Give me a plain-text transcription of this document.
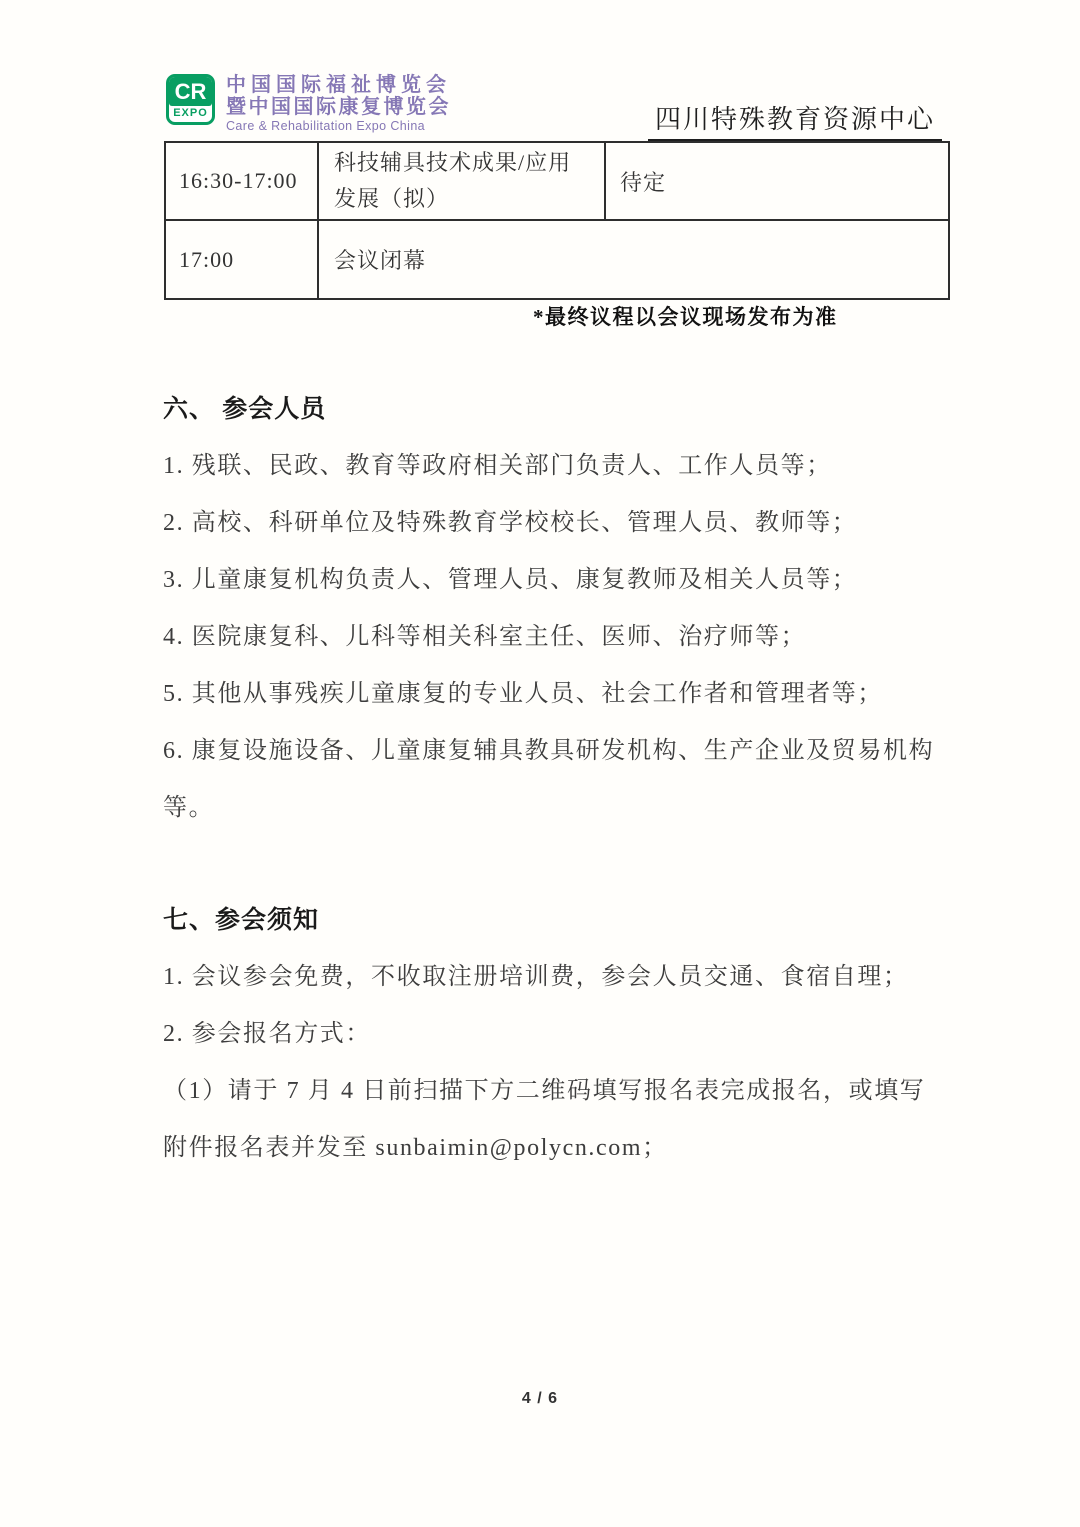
CR
EXPO
中国国际福祉博览会
暨中国国际康复博览会
Care & Rehabilitation Expo China	四川特殊教育资源中心
16:30-17:00	科技辅具技术成果/应用发展（拟）	待定
17:00	会议闭幕	
*最终议程以会议现场发布为准
六、 参会人员
1. 残联、民政、教育等政府相关部门负责人、工作人员等；
2. 高校、科研单位及特殊教育学校校长、管理人员、教师等；
3. 儿童康复机构负责人、管理人员、康复教师及相关人员等；
4. 医院康复科、儿科等相关科室主任、医师、治疗师等；
5. 其他从事残疾儿童康复的专业人员、社会工作者和管理者等；
6. 康复设施设备、儿童康复辅具教具研发机构、生产企业及贸易机构
等。
七、参会须知
1. 会议参会免费，不收取注册培训费，参会人员交通、食宿自理；
2. 参会报名方式：
（1）请于 7 月 4 日前扫描下方二维码填写报名表完成报名，或填写
附件报名表并发至 sunbaimin@polycn.com；
4 / 6
